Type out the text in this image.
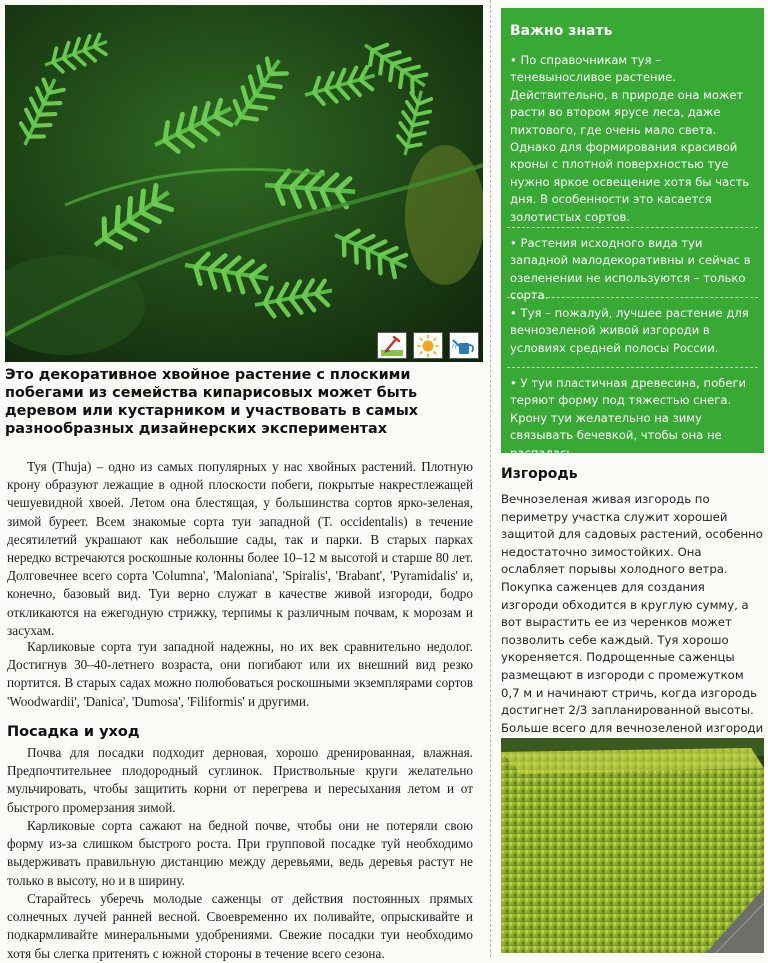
Это декоративное хвойное растение с плоскими побегами из семейства кипарисовых может быть деревом или кустарником и участвовать в самых разнообразных дизайнерских экспериментах

Туя (Thuja) – одно из самых популярных у нас хвойных растений. Плотную крону образуют лежащие в одной плоскости побеги, покрытые накрестлежащей чешуевидной хвоей. Летом она блестящая, у большинства сортов ярко-зеленая, зимой буреет. Всем знакомые сорта туи западной (T. occidentalis) в течение десятилетий украшают как небольшие сады, так и парки. В старых парках нередко встречаются роскошные колонны более 10–12 м высотой и старше 80 лет. Долговечнее всего сорта 'Columna', 'Maloniana', 'Spiralis', 'Brabant', 'Pyramidalis' и, конечно, базовый вид. Туи верно служат в качестве живой изгороди, бодро откликаются на ежегодную стрижку, терпимы к различным почвам, к морозам и засухам.

Карликовые сорта туи западной надежны, но их век сравнительно недолог. Достигнув 30–40-летнего возраста, они погибают или их внешний вид резко портится. В старых садах можно полюбоваться роскошными экземплярами сортов 'Woodwardii', 'Danica', 'Dumosa', 'Filiformis' и другими.

Посадка и уход

Почва для посадки подходит дерновая, хорошо дренированная, влажная. Предпочтительнее плодородный суглинок. Приствольные круги желательно мульчировать, чтобы защитить корни от перегрева и пересыхания летом и от быстрого промерзания зимой.

Карликовые сорта сажают на бедной почве, чтобы они не потеряли свою форму из-за слишком быстрого роста. При групповой посадке туй необходимо выдерживать правильную дистанцию между деревьями, ведь деревья растут не только в высоту, но и в ширину.

Старайтесь уберечь молодые саженцы от действия постоянных прямых солнечных лучей ранней весной. Своевременно их поливайте, опрыскивайте и подкармливайте минеральными удобрениями. Свежие посадки туи необходимо хотя бы слегка притенять с южной стороны в течение всего сезона.

Важно знать

• По справочникам туя – теневыносливое растение. Действительно, в природе она может расти во втором ярусе леса, даже пихтового, где очень мало света. Однако для формирования красивой кроны с плотной поверхностью туе нужно яркое освещение хотя бы часть дня. В особенности это касается золотистых сортов.

• Растения исходного вида туи западной малодекоративны и сейчас в озеленении не используются – только сорта.

• Туя – пожалуй, лучшее растение для вечнозеленой живой изгороди в условиях средней полосы России.

• У туи пластичная древесина, побеги теряют форму под тяжестью снега. Крону туи желательно на зиму связывать бечевкой, чтобы она не распалась.

Изгородь

Вечнозеленая живая изгородь по периметру участка служит хорошей защитой для садовых растений, особенно недостаточно зимостойких. Она ослабляет порывы холодного ветра. Покупка саженцев для создания изгороди обходится в круглую сумму, а вот вырастить ее из черенков может позволить себе каждый. Туя хорошо укореняется. Подрощенные саженцы размещают в изгороди с промежутком 0,7 м и начинают стричь, когда изгородь достигнет 2/3 запланированной высоты. Больше всего для вечнозеленой изгороди
